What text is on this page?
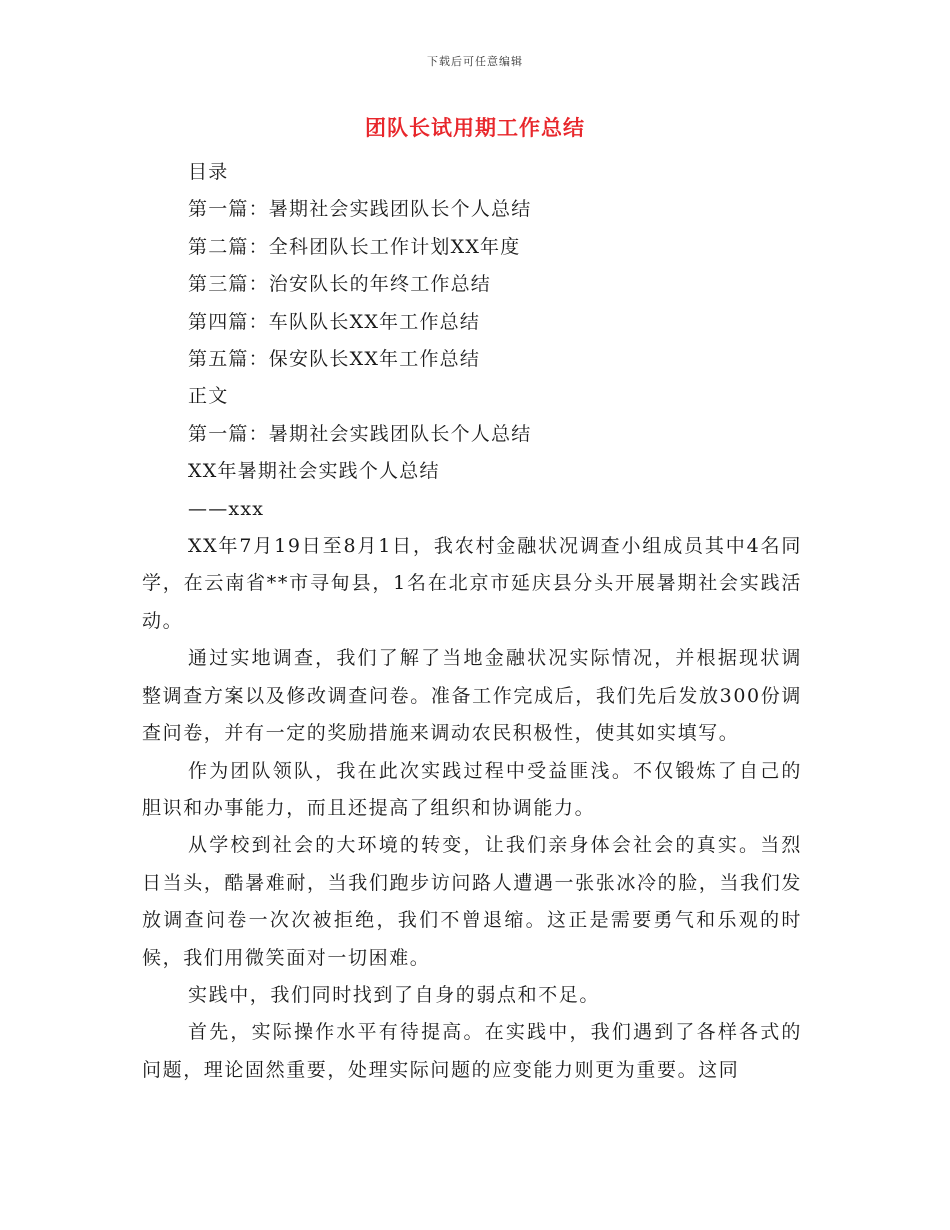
下载后可任意编辑
团队长试用期工作总结

目录

第一篇：暑期社会实践团队长个人总结

第二篇：全科团队长工作计划XX年度

第三篇：治安队长的年终工作总结

第四篇：车队队长XX年工作总结

第五篇：保安队长XX年工作总结

正文

第一篇：暑期社会实践团队长个人总结

XX年暑期社会实践个人总结

——xxx

XX年7月19日至8月1日，我农村金融状况调查小组成员其中4名同学，在云南省**市寻甸县，1名在北京市延庆县分头开展暑期社会实践活动。

通过实地调查，我们了解了当地金融状况实际情况，并根据现状调整调查方案以及修改调查问卷。准备工作完成后，我们先后发放300份调查问卷，并有一定的奖励措施来调动农民积极性，使其如实填写。

作为团队领队，我在此次实践过程中受益匪浅。不仅锻炼了自己的胆识和办事能力，而且还提高了组织和协调能力。

从学校到社会的大环境的转变，让我们亲身体会社会的真实。当烈日当头，酷暑难耐，当我们跑步访问路人遭遇一张张冰冷的脸，当我们发放调查问卷一次次被拒绝，我们不曾退缩。这正是需要勇气和乐观的时候，我们用微笑面对一切困难。

实践中，我们同时找到了自身的弱点和不足。

首先，实际操作水平有待提高。在实践中，我们遇到了各样各式的问题，理论固然重要，处理实际问题的应变能力则更为重要。这同
